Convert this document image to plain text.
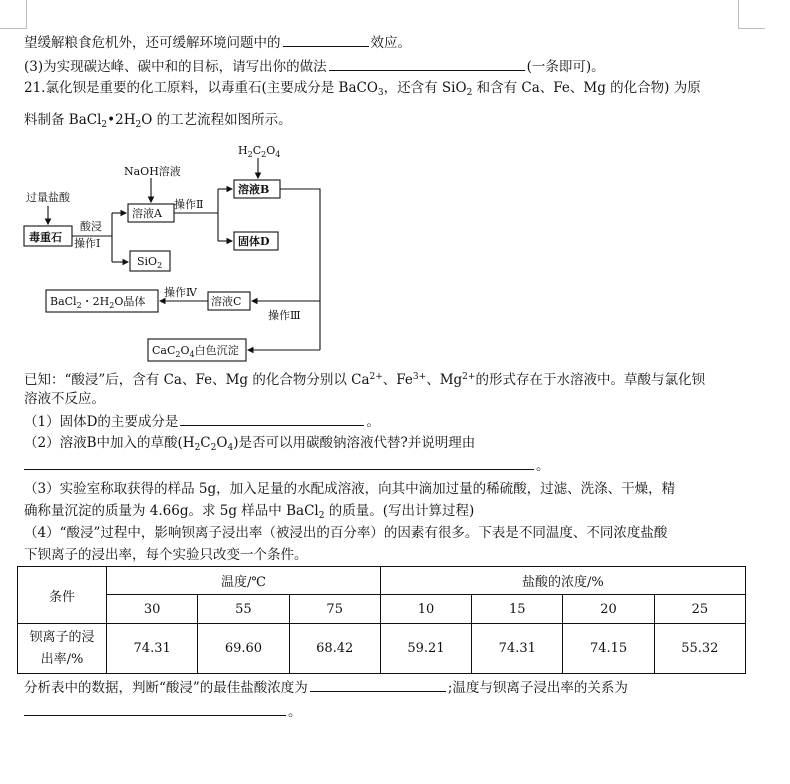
望缓解粮食危机外，还可缓解环境问题中的	效应。
(3)为实现碳达峰、碳中和的目标，请写出你的做法	(一条即可)。
21.氯化钡是重要的化工原料，以毒重石(主要成分是 BaCO$_3$，还含有 SiO$_2$ 和含有 Ca、Fe、Mg 的化合物) 为原
料制备 $BaCl_2•2H_2O$ 的工艺流程如图所示。
$H_2C_2O_4$
NaOH溶液
过量盐酸
毒重石
酸浸
操作Ⅰ
溶液A
操作Ⅱ
溶液B
固体D
SiO$_2$
BaCl$_2$・$2H_2O$晶体
操作Ⅳ
溶液C
操作Ⅲ
$CaC_2O_4$白色沉淀
已知：“酸浸”后，含有 Ca、Fe、Mg 的化合物分别以 $Ca^{2+}$、$Fe^{3+}$、$Mg^{2+}$的形式存在于水溶液中。草酸与氯化钡
溶液不反应。
（1）固体D的主要成分是	。
（2）溶液B中加入的草酸$(H_2C_2O_4)$是否可以用碳酸钠溶液代替?并说明理由
。
（3）实验室称取获得的样品 5g，加入足量的水配成溶液，向其中滴加过量的稀硫酸，过滤、洗涤、干燥，精
确称量沉淀的质量为 4.66g。求 5g 样品中 BaCl$_2$ 的质量。(写出计算过程)
（4）“酸浸”过程中，影响钡离子浸出率（被浸出的百分率）的因素有很多。下表是不同温度、不同浓度盐酸
下钡离子的浸出率，每个实验只改变一个条件。
条件	温度/℃			盐酸的浓度/%			
	30	55	75	10	15	20	25
钡离子的浸
出率/%	74.31	69.60	68.42	59.21	74.31	74.15	55.32
分析表中的数据，判断“酸浸”的最佳盐酸浓度为	;温度与钡离子浸出率的关系为
。
